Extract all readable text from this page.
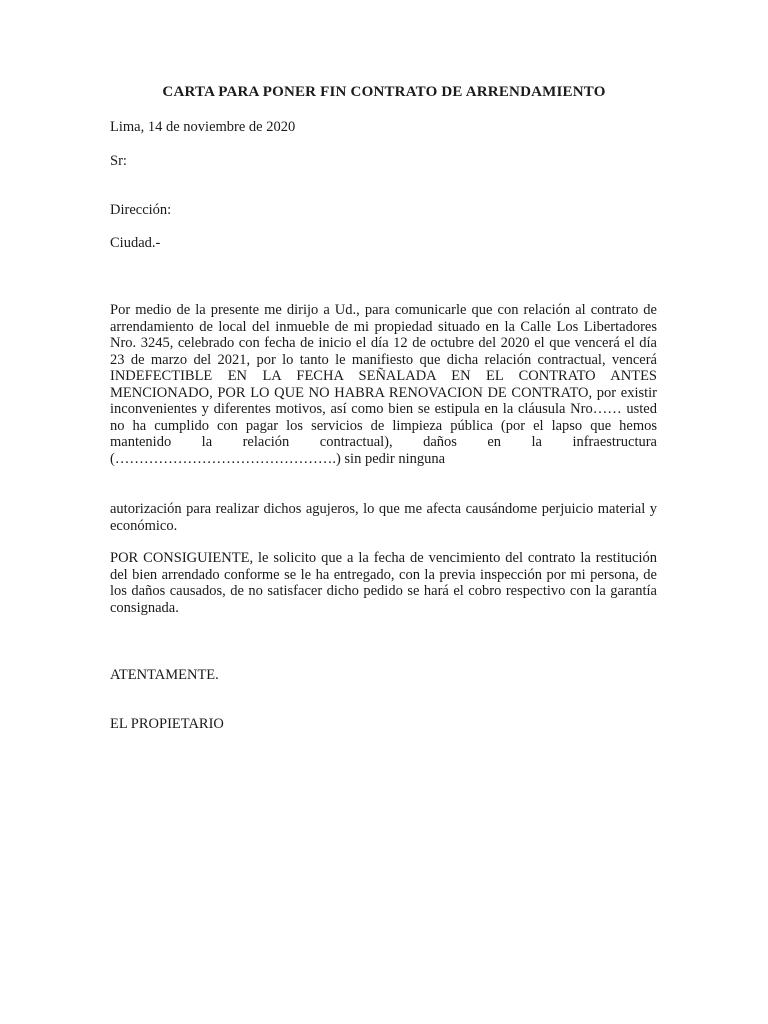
CARTA PARA PONER FIN CONTRATO DE ARRENDAMIENTO

Lima, 14 de noviembre de 2020

Sr:

Dirección:

Ciudad.-

Por medio de la presente me dirijo a Ud., para comunicarle que con relación al contrato de arrendamiento de local del inmueble de mi propiedad situado en la Calle Los Libertadores Nro. 3245, celebrado con fecha de inicio el día 12 de octubre del 2020 el que vencerá el día 23 de marzo del 2021, por lo tanto le manifiesto que dicha relación contractual, vencerá INDEFECTIBLE EN LA FECHA SEÑALADA EN EL CONTRATO ANTES MENCIONADO, POR LO QUE NO HABRA RENOVACION DE CONTRATO, por existir inconvenientes y diferentes motivos, así como bien se estipula en la cláusula Nro…… usted no ha cumplido con pagar los servicios de limpieza pública (por el lapso que hemos mantenido la relación contractual), daños en la infraestructura (……………………………………….) sin pedir ninguna

autorización para realizar dichos agujeros, lo que me afecta causándome perjuicio material y económico.

POR CONSIGUIENTE, le solicito que a la fecha de vencimiento del contrato la restitución del bien arrendado conforme se le ha entregado, con la previa inspección por mi persona, de los daños causados, de no satisfacer dicho pedido se hará el cobro respectivo con la garantía consignada.

ATENTAMENTE.

EL PROPIETARIO
